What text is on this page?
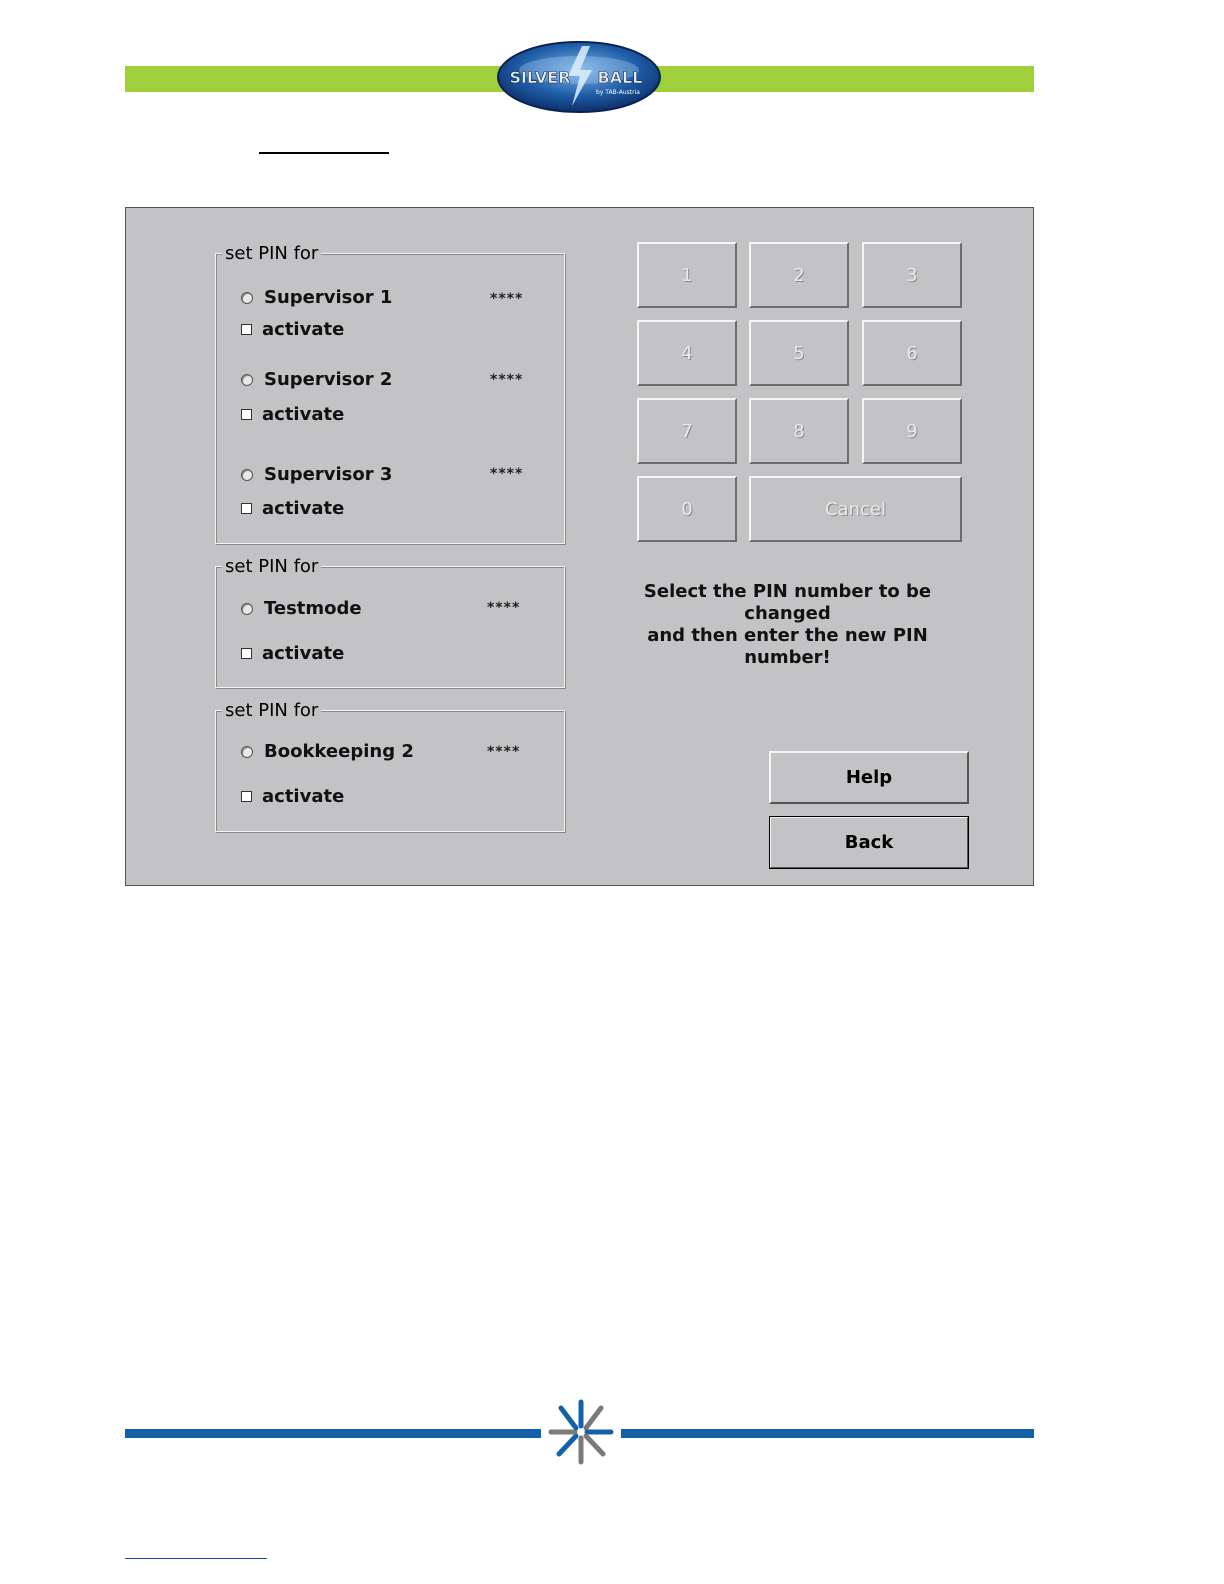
SILVER BALL
by TAB-Austria
set PIN for
Supervisor 1	****
activate
Supervisor 2	****
activate
Supervisor 3	****
activate
set PIN for
Testmode	****
activate
set PIN for
Bookkeeping 2	****
activate
1	2	3
4	5	6
7	8	9
0	Cancel
Select the PIN number to be changed
and then enter the new PIN number!
Help
Back
